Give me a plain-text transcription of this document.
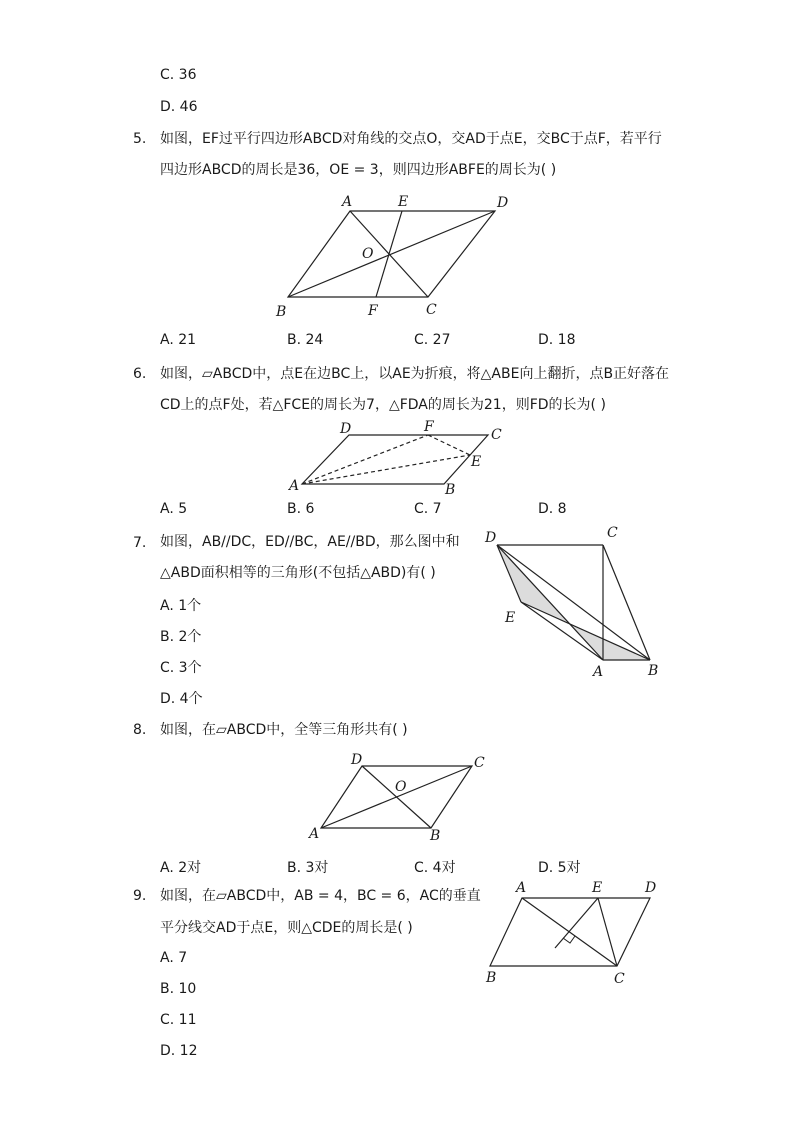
C. 36
D. 46
5. 如图，EF过平行四边形ABCD对角线的交点O，交AD于点E，交BC于点F，若平行
四边形ABCD的周长是36，OE = 3，则四边形ABFE的周长为( )
A	E	D
O
B	F	C
A. 21	B. 24	C. 27	D. 18
6. 如图，▱ABCD中，点E在边BC上，以AE为折痕，将△ABE向上翻折，点B正好落在
CD上的点F处，若△FCE的周长为7，△FDA的周长为21，则FD的长为( )
D	F	C
E
A	B
A. 5	B. 6	C. 7	D. 8
7. 如图，AB//DC，ED//BC，AE//BD，那么图中和
△ABD面积相等的三角形(不包括△ABD)有( )
A. 1个
B. 2个
C. 3个
D. 4个
D	C
E
A	B
8. 如图，在▱ABCD中，全等三角形共有( )
D	C
O
A	B
A. 2对	B. 3对	C. 4对	D. 5对
9. 如图，在▱ABCD中，AB = 4，BC = 6，AC的垂直
平分线交AD于点E，则△CDE的周长是( )
A. 7
B. 10
C. 11
D. 12
A	E	D
B	C
